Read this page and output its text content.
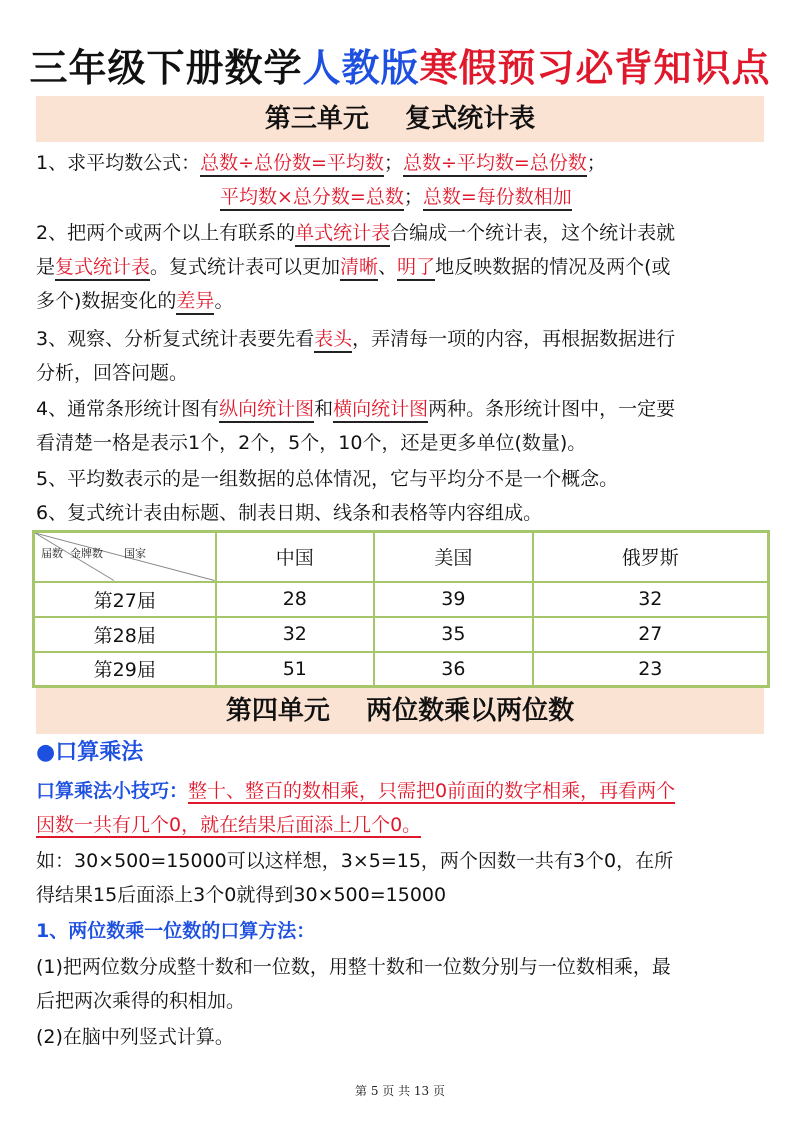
三年级下册数学人教版寒假预习必背知识点
第三单元    复式统计表
1、求平均数公式：总数÷总份数=平均数；总数÷平均数=总份数；
平均数×总分数=总数；总数=每份数相加
2、把两个或两个以上有联系的单式统计表合编成一个统计表，这个统计表就
是复式统计表。复式统计表可以更加清晰、明了地反映数据的情况及两个(或
多个)数据变化的差异。
3、观察、分析复式统计表要先看表头，弄清每一项的内容，再根据数据进行
分析，回答问题。
4、通常条形统计图有纵向统计图和横向统计图两种。条形统计图中，一定要
看清楚一格是表示1个，2个，5个，10个，还是更多单位(数量)。
5、平均数表示的是一组数据的总体情况，它与平均分不是一个概念。
6、复式统计表由标题、制表日期、线条和表格等内容组成。
届数  金牌数      国家	中国	美国	俄罗斯
第27届	28	39	32
第28届	32	35	27
第29届	51	36	23
第四单元    两位数乘以两位数
●口算乘法
口算乘法小技巧：整十、整百的数相乘，只需把0前面的数字相乘，再看两个
因数一共有几个0，就在结果后面添上几个0。
如：30×500=15000可以这样想，3×5=15，两个因数一共有3个0，在所
得结果15后面添上3个0就得到30×500=15000
1、两位数乘一位数的口算方法：
(1)把两位数分成整十数和一位数，用整十数和一位数分别与一位数相乘，最
后把两次乘得的积相加。
(2)在脑中列竖式计算。
第 5 页 共 13 页
